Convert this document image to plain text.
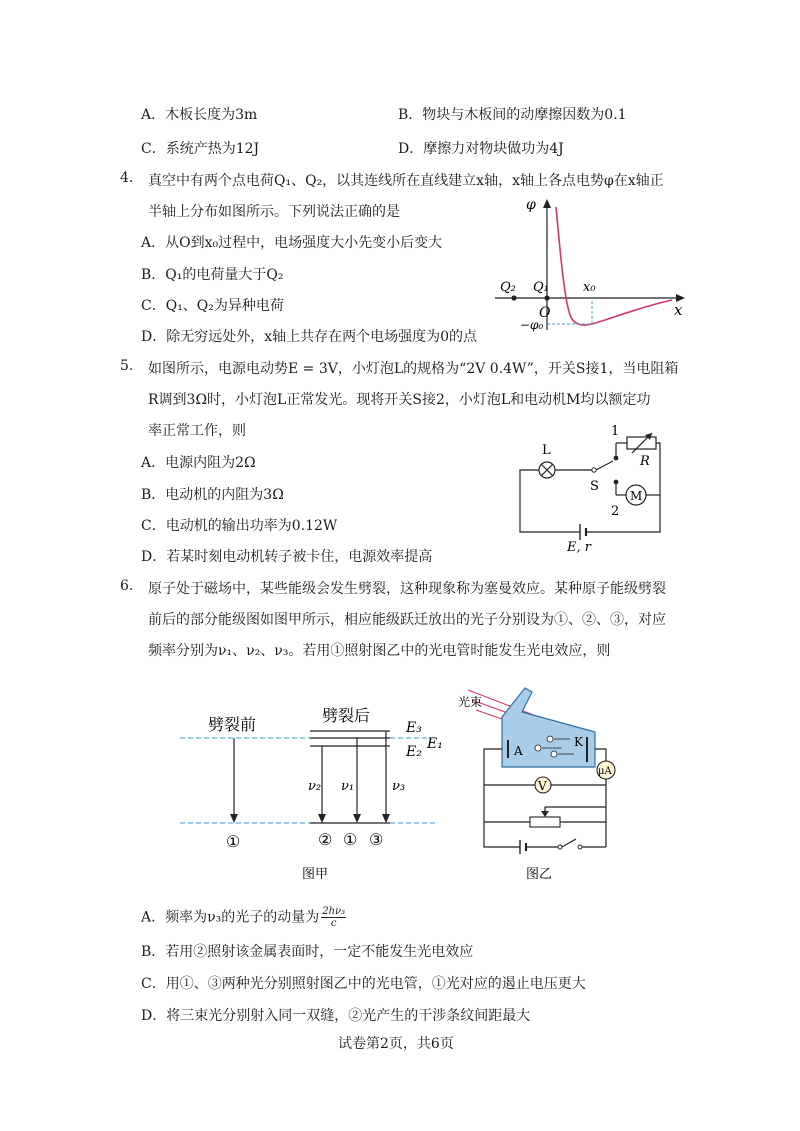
A．木板长度为3m	B．物块与木板间的动摩擦因数为0.1
C．系统产热为12J	D．摩擦力对物块做功为4J
4. 真空中有两个点电荷Q₁、Q₂，以其连线所在直线建立x轴，x轴上各点电势φ在x轴正
半轴上分布如图所示。下列说法正确的是
A．从O到x₀过程中，电场强度大小先变小后变大
B．Q₁的电荷量大于Q₂
C．Q₁、Q₂为异种电荷
D．除无穷远处外，x轴上共存在两个电场强度为0的点
φ
x
O
Q₂ Q₁	x₀
−φ₀
5. 如图所示，电源电动势E = 3V，小灯泡L的规格为“2V 0.4W”，开关S接1，当电阻箱
R调到3Ω时，小灯泡L正常发光。现将开关S接2，小灯泡L和电动机M均以额定功
率正常工作，则
A．电源内阻为2Ω
B．电动机的内阻为3Ω
C．电动机的输出功率为0.12W
D．若某时刻电动机转子被卡住，电源效率提高
L
S
1
2
R
M
E, r
6. 原子处于磁场中，某些能级会发生劈裂，这种现象称为塞曼效应。某种原子能级劈裂
前后的部分能级图如图甲所示，相应能级跃迁放出的光子分别设为①、②、③，对应
频率分别为ν₁、ν₂、ν₃。若用①照射图乙中的光电管时能发生光电效应，则
劈裂前	劈裂后
E₃
E₁
E₂
ν₂ ν₁	ν₃
①	② ① ③
图甲
光束
A
K
V
μA
图乙
A．频率为ν₃的光子的动量为 $\frac{\text{2hν₃}}{c}$
B．若用②照射该金属表面时，一定不能发生光电效应
C．用①、③两种光分别照射图乙中的光电管，①光对应的遏止电压更大
D．将三束光分别射入同一双缝，②光产生的干涉条纹间距最大
试卷第2页，共6页
